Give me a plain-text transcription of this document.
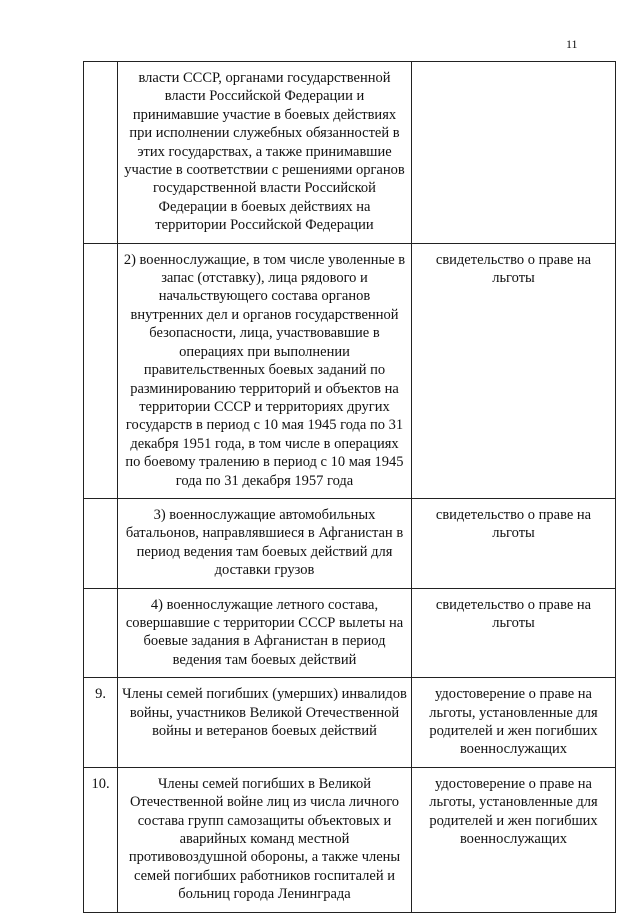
11
	власти СССР, органами государственной власти Российской Федерации и принимавшие участие в боевых действиях при исполнении служебных обязанностей в этих государствах, а также принимавшие участие в соответствии с решениями органов государственной власти Российской Федерации в боевых действиях на территории Российской Федерации	
	2) военнослужащие, в том числе уволенные в запас (отставку), лица рядового и начальствующего состава органов внутренних дел и органов государственной безопасности, лица, участвовавшие в операциях при выполнении правительственных боевых заданий по разминированию территорий и объектов на территории СССР и территориях других государств в период с 10 мая 1945 года по 31 декабря 1951 года, в том числе в операциях по боевому тралению в период с 10 мая 1945 года по 31 декабря 1957 года	свидетельство о праве на льготы
	3) военнослужащие автомобильных батальонов, направлявшиеся в Афганистан в период ведения там боевых действий для доставки грузов	свидетельство о праве на льготы
	4) военнослужащие летного состава, совершавшие с территории СССР вылеты на боевые задания в Афганистан в период ведения там боевых действий	свидетельство о праве на льготы
9.	Члены семей погибших (умерших) инвалидов войны, участников Великой Отечественной войны и ветеранов боевых действий	удостоверение о праве на льготы, установленные для родителей и жен погибших военнослужащих
10.	Члены семей погибших в Великой Отечественной войне лиц из числа личного состава групп самозащиты объектовых и аварийных команд местной противовоздушной обороны, а также члены семей погибших работников госпиталей и больниц города Ленинграда	удостоверение о праве на льготы, установленные для родителей и жен погибших военнослужащих
